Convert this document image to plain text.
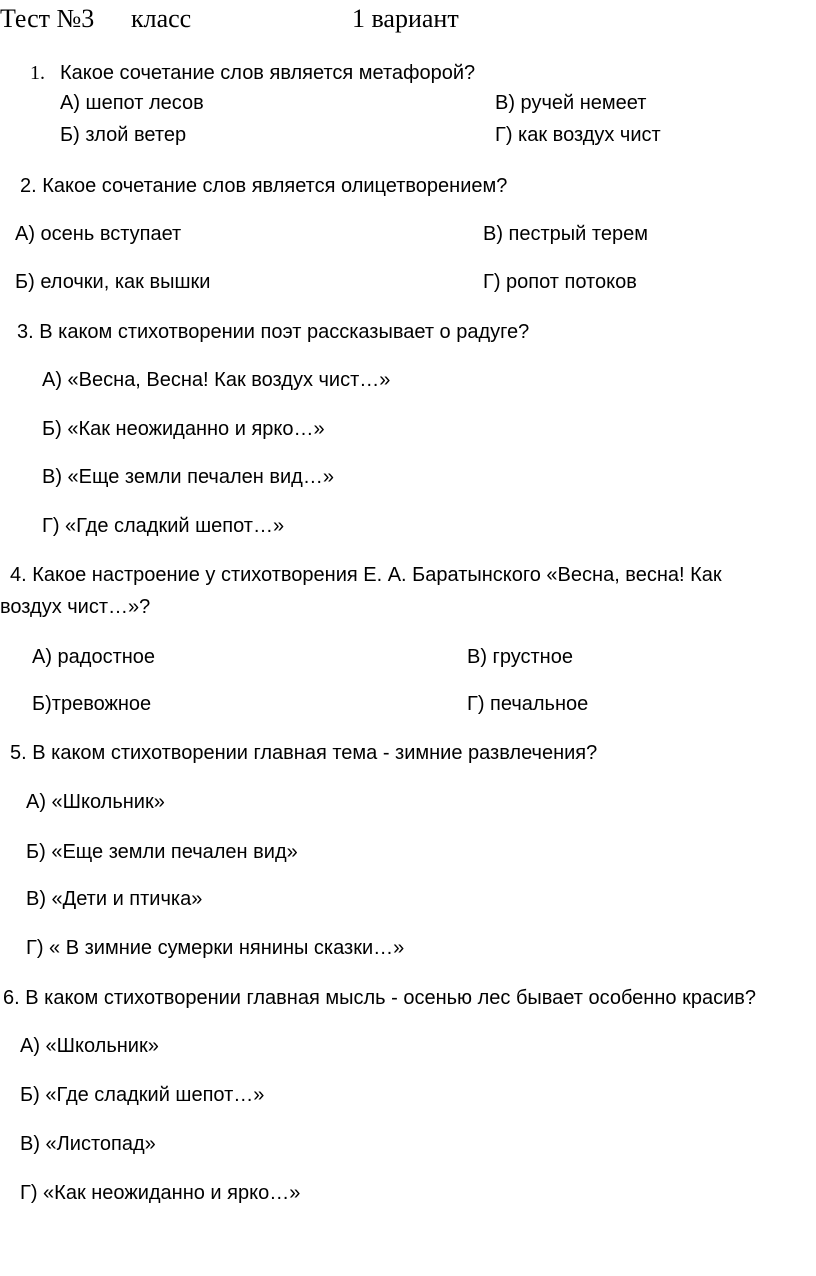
Тест №3 класс	1 вариант
1. Какое сочетание слов является метафорой?
А) шепот лесов	В) ручей немеет
Б) злой ветер	Г) как воздух чист
2. Какое сочетание слов является олицетворением?
А) осень вступает	В) пестрый терем
Б) елочки, как вышки	Г) ропот потоков
3. В каком стихотворении поэт рассказывает о радуге?
А) «Весна, Весна! Как воздух чист…»
Б) «Как неожиданно и ярко…»
В) «Еще земли печален вид…»
Г) «Где сладкий шепот…»
4. Какое настроение у стихотворения Е. А. Баратынского «Весна, весна! Как
воздух чист…»?
А) радостное	В) грустное
Б)тревожное	Г) печальное
5. В каком стихотворении главная тема - зимние развлечения?
А) «Школьник»
Б) «Еще земли печален вид»
В) «Дети и птичка»
Г) « В зимние сумерки нянины сказки…»
6. В каком стихотворении главная мысль - осенью лес бывает особенно красив?
А) «Школьник»
Б) «Где сладкий шепот…»
В) «Листопад»
Г) «Как неожиданно и ярко…»
